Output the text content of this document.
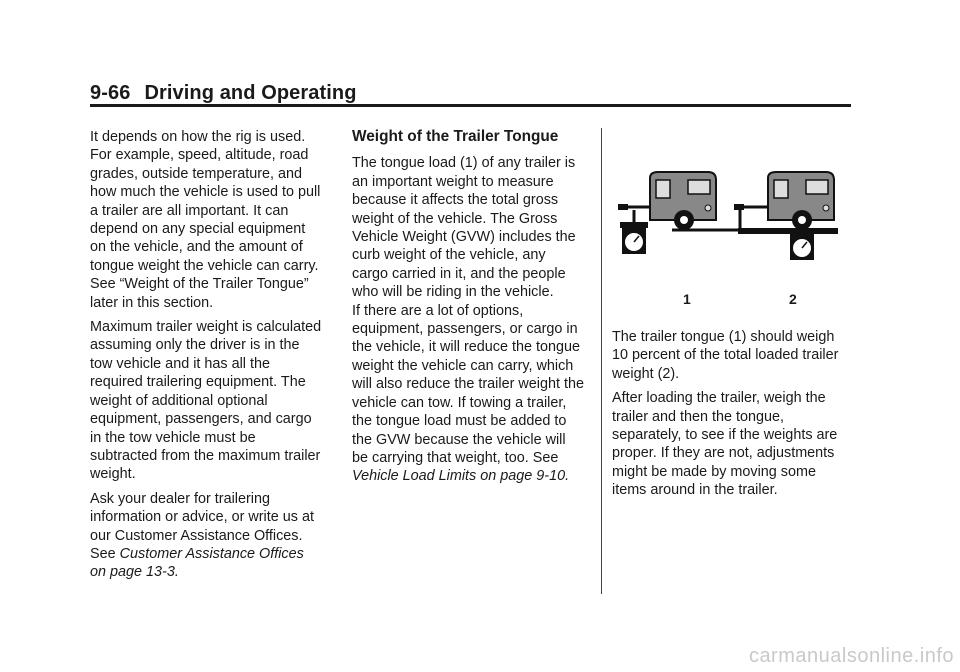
9-66 Driving and Operating

It depends on how the rig is used.
For example, speed, altitude, road
grades, outside temperature, and
how much the vehicle is used to pull
a trailer are all important. It can
depend on any special equipment
on the vehicle, and the amount of
tongue weight the vehicle can carry.
See “Weight of the Trailer Tongue”
later in this section.

Maximum trailer weight is calculated
assuming only the driver is in the
tow vehicle and it has all the
required trailering equipment. The
weight of additional optional
equipment, passengers, and cargo
in the tow vehicle must be
subtracted from the maximum trailer
weight.

Ask your dealer for trailering
information or advice, or write us at
our Customer Assistance Offices.
See Customer Assistance Offices
on page 13-3.

Weight of the Trailer Tongue

The tongue load (1) of any trailer is
an important weight to measure
because it affects the total gross
weight of the vehicle. The Gross
Vehicle Weight (GVW) includes the
curb weight of the vehicle, any
cargo carried in it, and the people
who will be riding in the vehicle.
If there are a lot of options,
equipment, passengers, or cargo in
the vehicle, it will reduce the tongue
weight the vehicle can carry, which
will also reduce the trailer weight the
vehicle can tow. If towing a trailer,
the tongue load must be added to
the GVW because the vehicle will
be carrying that weight, too. See
Vehicle Load Limits on page 9-10.

1	2

The trailer tongue (1) should weigh
10 percent of the total loaded trailer
weight (2).

After loading the trailer, weigh the
trailer and then the tongue,
separately, to see if the weights are
proper. If they are not, adjustments
might be made by moving some
items around in the trailer.

carmanualsonline.info
